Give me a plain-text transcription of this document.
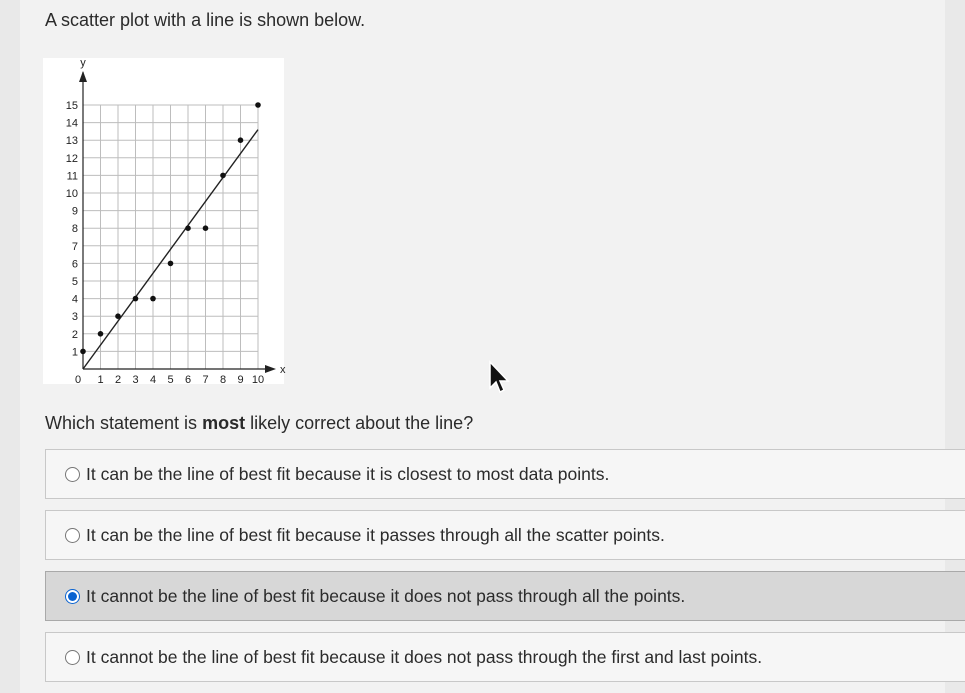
A scatter plot with a line is shown below.
y
x
0 1 2 3 4 5 6 7 8 9 10
1
2
3
4
5
6
7
8
9
10
11
12
13
14
15
Which statement is most likely correct about the line?
It can be the line of best fit because it is closest to most data points.
It can be the line of best fit because it passes through all the scatter points.
It cannot be the line of best fit because it does not pass through all the points.
It cannot be the line of best fit because it does not pass through the first and last points.
